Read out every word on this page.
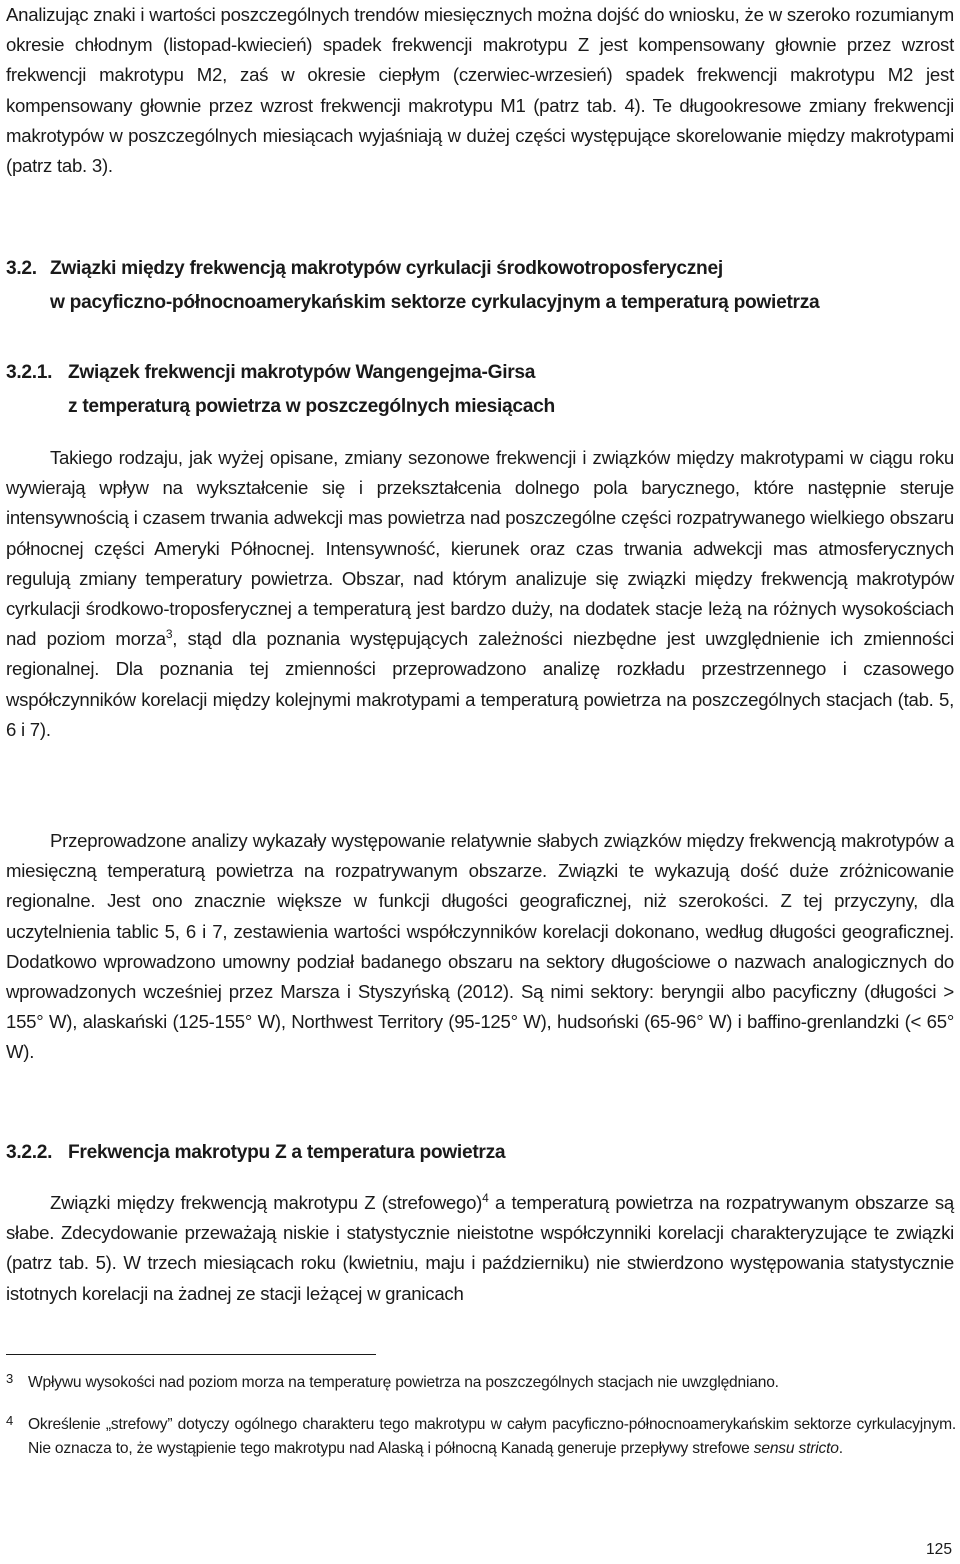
Analizując znaki i wartości poszczególnych trendów miesięcznych można dojść do wniosku, że w szeroko rozumianym okresie chłodnym (listopad-kwiecień) spadek frekwencji makrotypu Z jest kompensowany głownie przez wzrost frekwencji makrotypu M2, zaś w okresie ciepłym (czerwiec-wrzesień) spadek frekwencji makrotypu M2 jest kompensowany głownie przez wzrost frekwencji makrotypu M1 (patrz tab. 4). Te długookresowe zmiany frekwencji makrotypów w poszczególnych miesiącach wyjaśniają w dużej części występujące skorelowanie między makrotypami (patrz tab. 3).

3.2. Związki między frekwencją makrotypów cyrkulacji środkowotroposferycznej
w pacyficzno-północnoamerykańskim sektorze cyrkulacyjnym a temperaturą powietrza
3.2.1. Związek frekwencji makrotypów Wangengejma-Girsa
z temperaturą powietrza w poszczególnych miesiącach

Takiego rodzaju, jak wyżej opisane, zmiany sezonowe frekwencji i związków między makrotypami w ciągu roku wywierają wpływ na wykształcenie się i przekształcenia dolnego pola barycznego, które następnie steruje intensywnością i czasem trwania adwekcji mas powietrza nad poszczególne części rozpatrywanego wielkiego obszaru północnej części Ameryki Północnej. Intensywność, kierunek oraz czas trwania adwekcji mas atmosferycznych regulują zmiany temperatury powietrza. Obszar, nad którym analizuje się związki między frekwencją makrotypów cyrkulacji środkowo-troposferycznej a temperaturą jest bardzo duży, na dodatek stacje leżą na różnych wysokościach nad poziom morza$^3$, stąd dla poznania występujących zależności niezbędne jest uwzględnienie ich zmienności regionalnej. Dla poznania tej zmienności przeprowadzono analizę rozkładu przestrzennego i czasowego współczynników korelacji między kolejnymi makrotypami a temperaturą powietrza na poszczególnych stacjach (tab. 5, 6 i 7).

Przeprowadzone analizy wykazały występowanie relatywnie słabych związków między frekwencją makrotypów a miesięczną temperaturą powietrza na rozpatrywanym obszarze. Związki te wykazują dość duże zróżnicowanie regionalne. Jest ono znacznie większe w funkcji długości geograficznej, niż szerokości. Z tej przyczyny, dla uczytelnienia tablic 5, 6 i 7, zestawienia wartości współczynników korelacji dokonano, według długości geograficznej. Dodatkowo wprowadzono umowny podział badanego obszaru na sektory długościowe o nazwach analogicznych do wprowadzonych wcześniej przez Marsza i Styszyńską (2012). Są nimi sektory: beryngii albo pacyficzny (długości > 155° W), alaskański (125-155° W), Northwest Territory (95-125° W), hudsoński (65-96° W) i baffino-grenlandzki (< 65° W).

3.2.2. Frekwencja makrotypu Z a temperatura powietrza

Związki między frekwencją makrotypu Z (strefowego)$^4$ a temperaturą powietrza na rozpatrywanym obszarze są słabe. Zdecydowanie przeważają niskie i statystycznie nieistotne współczynniki korelacji charakteryzujące te związki (patrz tab. 5). W trzech miesiącach roku (kwietniu, maju i październiku) nie stwierdzono występowania statystycznie istotnych korelacji na żadnej ze stacji leżącej w granicach

3 Wpływu wysokości nad poziom morza na temperaturę powietrza na poszczególnych stacjach nie uwzględniano.

4 Określenie „strefowy” dotyczy ogólnego charakteru tego makrotypu w całym pacyficzno-północnoamerykańskim sektorze cyrkulacyjnym. Nie oznacza to, że wystąpienie tego makrotypu nad Alaską i północną Kanadą generuje przepływy strefowe sensu stricto.

125
